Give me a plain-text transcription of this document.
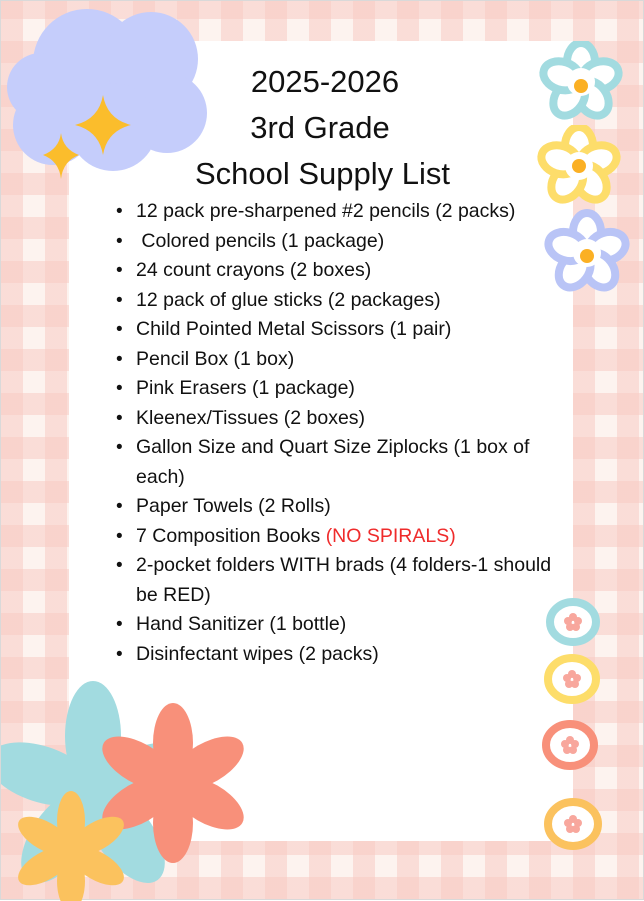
2025-2026
3rd Grade
School Supply List
• 12 pack pre-sharpened #2 pencils (2 packs)
•  Colored pencils (1 package)
• 24 count crayons (2 boxes)
• 12 pack of glue sticks (2 packages)
• Child Pointed Metal Scissors (1 pair)
• Pencil Box (1 box)
• Pink Erasers (1 package)
• Kleenex/Tissues (2 boxes)
• Gallon Size and Quart Size Ziplocks (1 box of each)
• Paper Towels (2 Rolls)
• 7 Composition Books (NO SPIRALS)
• 2-pocket folders WITH brads (4 folders-1 should be RED)
• Hand Sanitizer (1 bottle)
• Disinfectant wipes (2 packs)
